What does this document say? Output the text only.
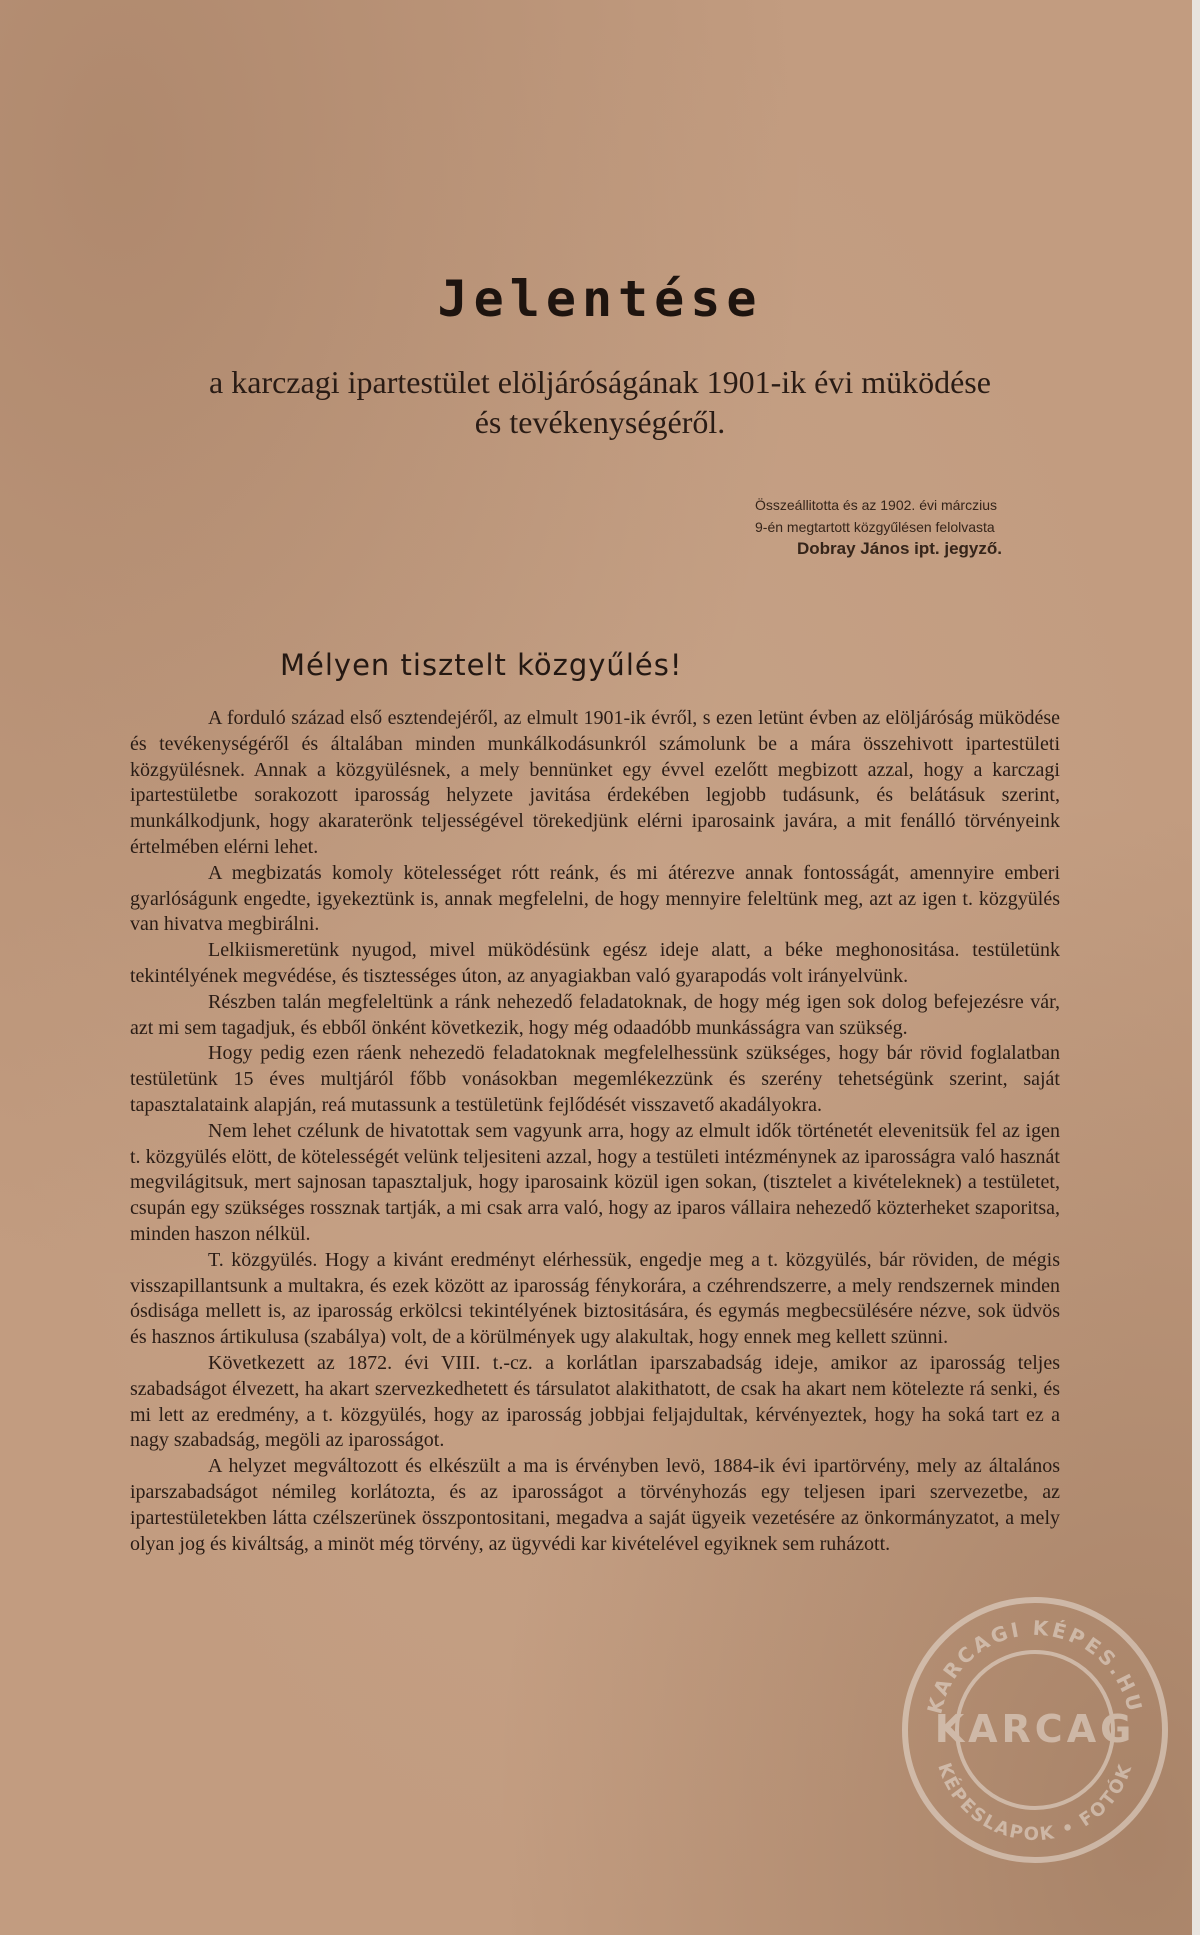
Jelentése
a karczagi ipartestület elöljáróságának 1901-ik évi müködése
és tevékenységéről.
Összeállitotta és az 1902. évi márczius
9-én megtartott közgyűlésen felolvasta
Dobray János ipt. jegyző.
Mélyen tisztelt közgyűlés!

A forduló század első esztendejéről, az elmult 1901-ik évről, s ezen letünt évben az elöljáróság müködése és tevékenységéről és általában minden munkálkodásunkról számolunk be a mára összehivott ipartestületi közgyülésnek. Annak a közgyülésnek, a mely bennünket egy évvel ezelőtt megbizott azzal, hogy a karczagi ipartestületbe sorakozott iparosság helyzete javitása érdekében legjobb tudásunk, és belátásuk szerint, munkálkodjunk, hogy akaraterönk teljességével törekedjünk elérni iparosaink javára, a mit fenálló törvényeink értelmében elérni lehet.

A megbizatás komoly kötelességet rótt reánk, és mi átérezve annak fontosságát, amennyire emberi gyarlóságunk engedte, igyekeztünk is, annak megfelelni, de hogy mennyire feleltünk meg, azt az igen t. közgyülés van hivatva megbirálni.

Lelkiismeretünk nyugod, mivel müködésünk egész ideje alatt, a béke meghonositása. testületünk tekintélyének megvédése, és tisztességes úton, az anyagiakban való gyarapodás volt irányelvünk.

Részben talán megfeleltünk a ránk nehezedő feladatoknak, de hogy még igen sok dolog befejezésre vár, azt mi sem tagadjuk, és ebből önként következik, hogy még odaadóbb munkásságra van szükség.

Hogy pedig ezen ráenk nehezedö feladatoknak megfelelhessünk szükséges, hogy bár rövid foglalatban testületünk 15 éves multjáról főbb vonásokban megemlékezzünk és szerény tehetségünk szerint, saját tapasztalataink alapján, reá mutassunk a testületünk fejlődését visszavető akadályokra.

Nem lehet czélunk de hivatottak sem vagyunk arra, hogy az elmult idők történetét elevenitsük fel az igen t. közgyülés elött, de kötelességét velünk teljesiteni azzal, hogy a testületi intézménynek az iparosságra való hasznát megvilágitsuk, mert sajnosan tapasztaljuk, hogy iparosaink közül igen sokan, (tisztelet a kivételeknek) a testületet, csupán egy szükséges rossznak tartják, a mi csak arra való, hogy az iparos vállaira nehezedő közterheket szaporitsa, minden haszon nélkül.

T. közgyülés. Hogy a kivánt eredményt elérhessük, engedje meg a t. közgyülés, bár röviden, de mégis visszapillantsunk a multakra, és ezek között az iparosság fénykorára, a czéhrendszerre, a mely rendszernek minden ósdisága mellett is, az iparosság erkölcsi tekintélyének biztositására, és egymás megbecsülésére nézve, sok üdvös és hasznos ártikulusa (szabálya) volt, de a körülmények ugy alakultak, hogy ennek meg kellett szünni.

Következett az 1872. évi VIII. t.-cz. a korlátlan iparszabadság ideje, amikor az iparosság teljes szabadságot élvezett, ha akart szervezkedhetett és társulatot alakithatott, de csak ha akart nem kötelezte rá senki, és mi lett az eredmény, a t. közgyülés, hogy az iparosság jobbjai feljajdultak, kérvényeztek, hogy ha soká tart ez a nagy szabadság, megöli az iparosságot.

A helyzet megváltozott és elkészült a ma is érvényben levö, 1884-ik évi ipartörvény, mely az általános iparszabadságot némileg korlátozta, és az iparosságot a törvényhozás egy teljesen ipari szervezetbe, az ipartestületekben látta czélszerünek összpontositani, megadva a saját ügyeik vezetésére az önkormányzatot, a mely olyan jog és kiváltság, a minöt még törvény, az ügyvédi kar kivételével egyiknek sem ruházott.

KARCAGI KÉPES.HU
KARCAG
KÉPESLAPOK • FOTÓK
